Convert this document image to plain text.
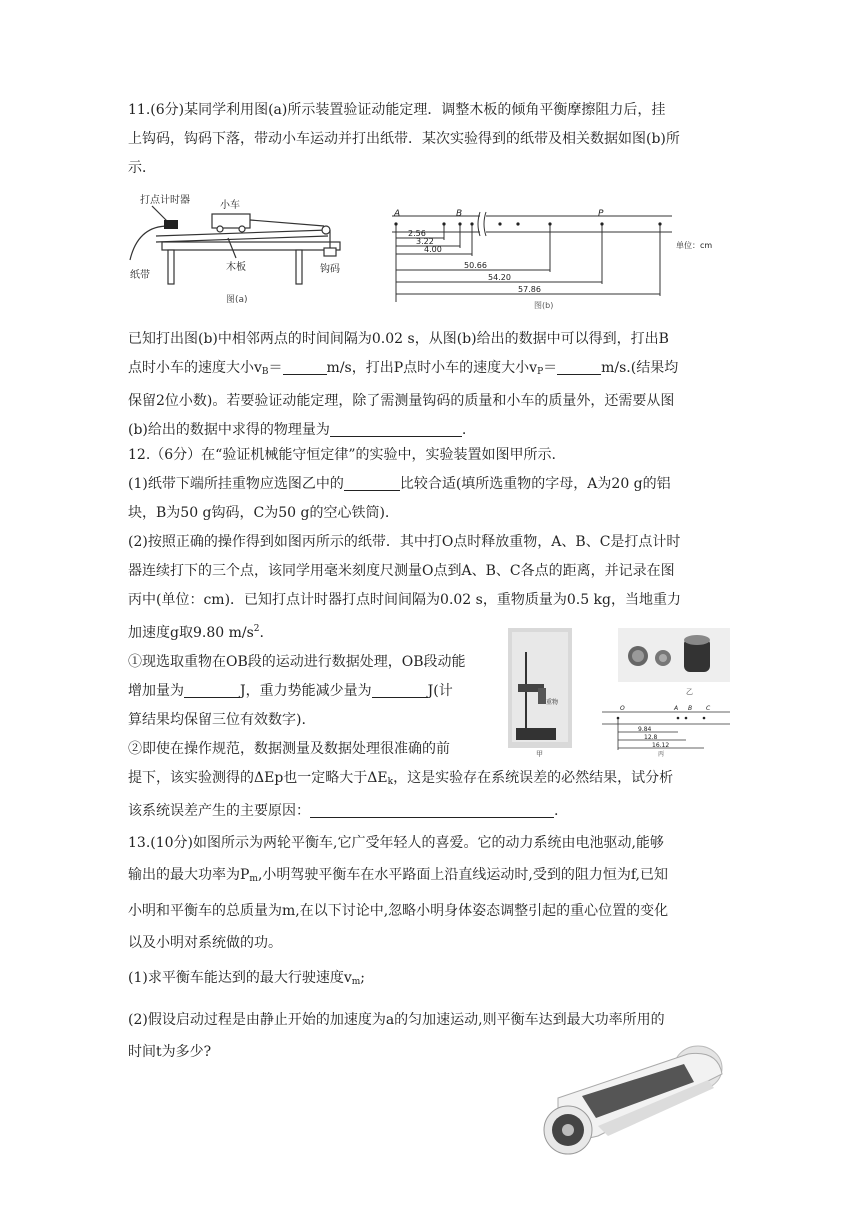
11.(6分)某同学利用图(a)所示装置验证动能定理．调整木板的倾角平衡摩擦阻力后，挂
上钩码，钩码下落，带动小车运动并打出纸带．某次实验得到的纸带及相关数据如图(b)所
示．
打点计时器	小车
纸带
木板	钩码
图(a)
A	B	P
单位：cm
2.56
3.22
4.00
50.66
54.20
57.86
图(b)
已知打出图(b)中相邻两点的时间间隔为0.02 s，从图(b)给出的数据中可以得到，打出B
点时小车的速度大小$v_B=$	m/s，打出P点时小车的速度大小$v_P=$	m/s.(结果均
保留2位小数)。若要验证动能定理，除了需测量钩码的质量和小车的质量外，还需要从图
(b)给出的数据中求得的物理量为	.
12.（6分）在“验证机械能守恒定律”的实验中，实验装置如图甲所示.
(1)纸带下端所挂重物应选图乙中的	比较合适(填所选重物的字母，A为20 g的铝
块，B为50 g钩码，C为50 g的空心铁筒).
(2)按照正确的操作得到如图丙所示的纸带．其中打O点时释放重物，A、B、C是打点计时
器连续打下的三个点，该同学用毫米刻度尺测量O点到A、B、C各点的距离，并记录在图
丙中(单位：cm)．已知打点计时器打点时间间隔为0.02 s，重物质量为0.5 kg，当地重力
加速度g取9.80 $m/s^2$.
①现选取重物在OB段的运动进行数据处理，OB段动能
增加量为	J，重力势能减少量为	J(计
算结果均保留三位有效数字).
②即使在操作规范，数据测量及数据处理很准确的前
提下，该实验测得的ΔEp也一定略大于$\Delta E_k$，这是实验存在系统误差的必然结果，试分析
该系统误差产生的主要原因：	.
重物
甲
乙
O	A B C
9.84
12.8
16.12
丙
13.(10分)如图所示为两轮平衡车,它广受年轻人的喜爱。它的动力系统由电池驱动,能够
输出的最大功率为$P_m$,小明驾驶平衡车在水平路面上沿直线运动时,受到的阻力恒为f,已知
小明和平衡车的总质量为m,在以下讨论中,忽略小明身体姿态调整引起的重心位置的变化
以及小明对系统做的功。
(1)求平衡车能达到的最大行驶速度$v_m$;
(2)假设启动过程是由静止开始的加速度为a的匀加速运动,则平衡车达到最大功率所用的
时间t为多少?
